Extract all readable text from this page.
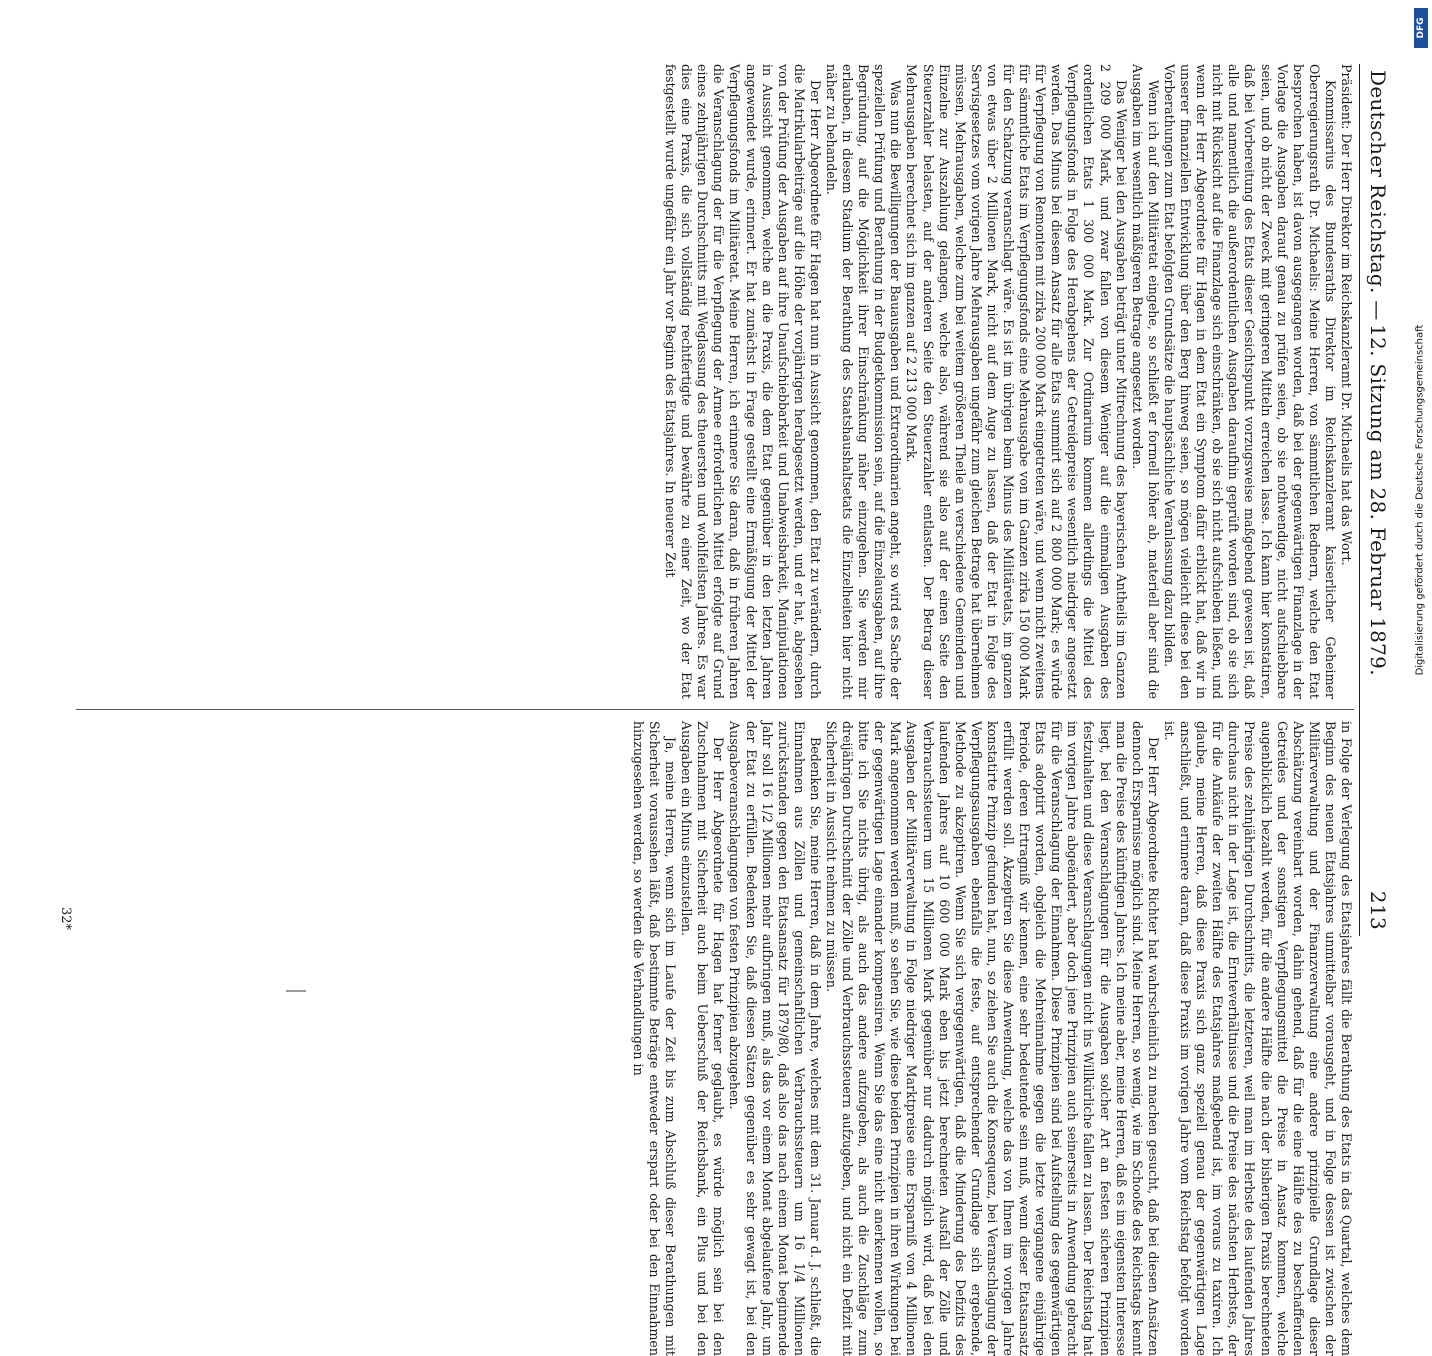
Deutscher Reichstag. —
12. Sitzung am 28. Februar 1879.
213

Präsident: Der Herr Direktor im Reichskanzleramt Dr. Michaelis hat das Wort.

Kommissarius des Bundesraths Direktor im Reichskanzleramt kaiserlicher Geheimer Oberregierungsrath Dr. Michaelis: Meine Herren, von sämmtlichen Rednern, welche den Etat besprochen haben, ist davon ausgegangen worden, daß bei der gegenwärtigen Finanzlage in der Vorlage die Ausgaben darauf genau zu prüfen seien, ob sie nothwendige, nicht aufschiebbare seien, und ob nicht der Zweck mit geringeren Mitteln erreichen lasse. Ich kann hier konstatiren, daß bei Vorbereitung des Etats dieser Gesichtspunkt vorzugsweise maßgebend gewesen ist, daß alle und namentlich die außerordentlichen Ausgaben daraufhin geprüft worden sind, ob sie sich nicht mit Rücksicht auf die Finanzlage sich einschränken, ob sie sich nicht aufschieben ließen, und wenn der Herr Abgeordnete für Hagen in dem Etat ein Symptom dafür erblickt hat, daß wir in unserer finanziellen Entwicklung über den Berg hinweg seien, so mögen vielleicht diese bei den Vorberathungen zum Etat befolgten Grundsätze die hauptsächliche Veranlassung dazu bilden.

Wenn ich auf den Militäretat eingehe, so schließt er formell höher ab, materiell aber sind die Ausgaben im wesentlich mäßigeren Betrage angesetzt worden.

Das Weniger bei den Ausgaben beträgt unter Mitrechnung des bayerischen Antheils im Ganzen 2 209 000 Mark, und zwar fallen von diesem Weniger auf die einmaligen Ausgaben des ordentlichen Etats 1 300 000 Mark. Zur Ordinarium kommen allerdings die Mittel des Verpflegungsfonds in Folge des Herabgehens der Getreidepreise wesentlich niedriger angesetzt werden. Das Minus bei diesem Ansatz für alle Etats summirt sich auf 2 800 000 Mark; es würde für Verpflegung von Remonten mit zirka 200 000 Mark eingetreten wäre, und wenn nicht zweitens für sämmtliche Etats im Verpflegungsfonds eine Mehrausgabe von im Ganzen zirka 150 000 Mark für den Schatzung veranschlagt wäre. Es ist im übrigen beim Minus des Militäretats, im ganzen von etwas über 2 Millionen Mark, nicht auf dem Auge zu lassen, daß der Etat in Folge des Servisgesetzes vom vorigen Jahre Mehrausgaben ungefähr zum gleichen Betrage hat übernehmen müssen, Mehrausgaben, welche zum bei weitem größeren Theile an verschiedene Gemeinden und Einzelne zur Auszahlung gelangen, welche also, während sie also auf der einen Seite den Steuerzahler belasten, auf der anderen Seite den Steuerzahler entlasten. Der Betrag dieser Mehrausgaben berechnet sich im ganzen auf 2 213 000 Mark.

Was nun die Bewilligungen der Bauausgaben und Extraordinarien angeht, so wird es Sache der speziellen Prüfung und Berathung in der Budgetkommission sein, auf die Einzelausgaben, auf ihre Begründung, auf die Möglichkeit ihrer Einschränkung näher einzugehen. Sie werden mir erlauben, in diesem Stadium der Berathung des Staatshaushaltsetats die Einzelheiten hier nicht näher zu behandeln.

Der Herr Abgeordnete für Hagen hat nun in Aussicht genommen, den Etat zu verändern, durch die Matrikularbeiträge auf die Höhe der vorjährigen herabgesetzt werden, und er hat, abgesehen von der Prüfung der Ausgaben auf ihre Unaufschiebbarkeit und Unabweisbarkeit, Manipulationen in Aussicht genommen, welche an die Praxis, die dem Etat gegenüber in den letzten Jahren angewendet wurde, erinnert. Er hat zunächst in Frage gestellt eine Ermäßigung der Mittel der Verpflegungsfonds im Militäretat. Meine Herren, ich erinnere Sie daran, daß in früheren Jahren die Veranschlagung der für die Verpflegung der Armee erforderlichen Mittel erfolgte auf Grund eines zehnjährigen Durchschnitts mit Weglassung des theuersten und wohlfeilsten Jahres. Es war dies eine Praxis, die sich vollständig rechtfertigte und bewährte zu einer Zeit, wo der Etat festgestellt wurde ungefähr ein Jahr vor Beginn des Etatsjahres. In neuerer Zeit

in Folge der Verlegung des Etatsjahres fällt die Berathung des Etats in das Quartal, welches dem Beginn des neuen Etatsjahres unmittelbar vorausgeht, und in Folge dessen ist zwischen der Militärverwaltung und der Finanzverwaltung eine andere prinzipielle Grundlage dieser Abschätzung vereinbart worden, dahin gehend, daß für die eine Hälfte des zu beschaffenden Getreides und der sonstigen Verpflegungsmittel die Preise in Ansatz kommen, welche augenblicklich bezahlt werden, für die andere Hälfte die nach der bisherigen Praxis berechneten Preise des zehnjährigen Durchschnitts, die letzteren, weil man im Herbste des laufenden Jahres durchaus nicht in der Lage ist, die Ernteverhältnisse und die Preise des nächsten Herbstes, der für die Ankäufe der zweiten Hälfte des Etatsjahres maßgebend ist, im voraus zu taxiren. Ich glaube, meine Herren, daß diese Praxis sich ganz speziell genau der gegenwärtigen Lage anschließt, und erinnere daran, daß diese Praxis im vorigen Jahre vom Reichstag befolgt worden ist.

Der Herr Abgeordnete Richter hat wahrscheinlich zu machen gesucht, daß bei diesen Ansätzen dennoch Ersparnisse möglich sind. Meine Herren, so wenig, wie im Schooße des Reichstags kennt man die Preise des künftigen Jahres. Ich meine aber, meine Herren, daß es im eigensten Interesse liegt, bei den Veranschlagungen für die Ausgaben solcher Art an festen sicheren Prinzipien festzuhalten und diese Veranschlagungen nicht ins Willkürliche fallen zu lassen. Der Reichstag hat im vorigen Jahre abgeändert, aber doch jene Prinzipien auch seinerseits in Anwendung gebracht für die Veranschlagung der Einnahmen. Diese Prinzipien sind bei Aufstellung des gegenwärtigen Etats adoptirt worden, obgleich die Mehreinnahme gegen die letzte vergangene einjährige Periode, deren Ertragniß wir kennen, eine sehr bedeutende sein muß, wenn dieser Etatsansatz erfüllt werden soll. Akzeptiren Sie diese Anwendung, welche das von Ihnen im vorigen Jahre konstatirte Prinzip gefunden hat, nun, so ziehen Sie auch die Konsequenz, bei Veranschlagung der Verpflegungsausgaben ebenfalls die feste, auf entsprechender Grundlage sich ergebende, Methode zu akzeptiren. Wenn Sie sich vergegenwärtigen, daß die Minderung des Defizits des laufenden Jahres auf 10 600 000 Mark eben bis jetzt berechneten Ausfall der Zölle und Verbrauchssteuern um 15 Millionen Mark gegenüber nur dadurch möglich wird, daß bei den Ausgaben der Militärverwaltung in Folge niedriger Marktpreise eine Ersparniß von 4 Millionen Mark angenommen werden muß, so sehen Sie, wie diese beiden Prinzipien in ihren Wirkungen bei der gegenwärtigen Lage einander kompensiren. Wenn Sie das eine nicht anerkennen wollen, so bitte ich Sie nichts übrig, als auch das andere aufzugeben, als auch die Zuschläge zum dreijährigen Durchschnitt der Zölle und Verbrauchssteuern aufzugeben, und nicht ein Defizit mit Sicherheit in Aussicht nehmen zu müssen.

Bedenken Sie, meine Herren, daß in dem Jahre, welches mit dem 31. Januar d. J. schließt, die Einnahmen aus Zöllen und gemeinschaftlichen Verbrauchssteuern um 16 1/4 Millionen zurückstanden gegen den Etatsansatz für 1879/80, daß also das nach einem Monat beginnende Jahr soll 16 1/2 Millionen mehr aufbringen muß, als das vor einem Monat abgelaufene Jahr, um der Etat zu erfüllen. Bedenken Sie, daß diesen Sätzen gegenüber es sehr gewagt ist, bei den Ausgabeveranschlagungen von festen Prinzipien abzugehen.

Der Herr Abgeordnete für Hagen hat ferner geglaubt, es würde möglich sein bei den Zuschnahmen mit Sicherheit auch beim Ueberschuß der Reichsbank, ein Plus und bei den Ausgaben ein Minus einzustellen.

Ja, meine Herren, wenn sich im Laufe der Zeit bis zum Abschluß dieser Berathungen mit Sicherheit voraussehen läßt, daß bestimmte Beträge entweder erspart oder bei den Einnahmen hinzugesehen werden, so werden die Verhandlungen in

32*
DFG
Digitalisierung gefördert durch die Deutsche Forschungsgemeinschaft
